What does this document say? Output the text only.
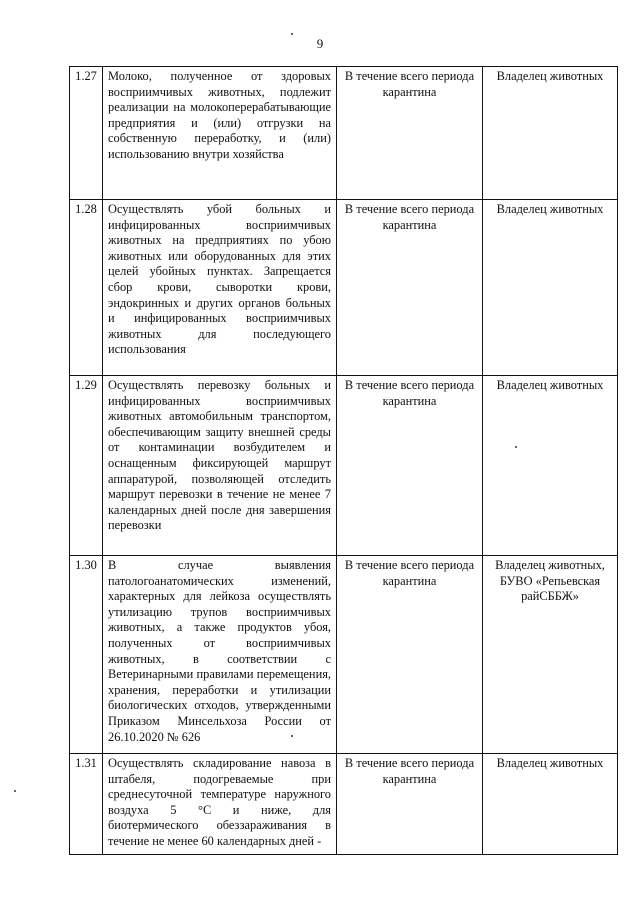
9
1.27	Молоко, полученное от здоровых восприимчивых животных, подлежит реализации на молокоперерабатывающие предприятия и (или) отгрузки на собственную переработку, и (или) использованию внутри хозяйства	В течение всего периода карантина	Владелец животных
1.28	Осуществлять убой больных и инфицированных восприимчивых животных на предприятиях по убою животных или оборудованных для этих целей убойных пунктах. Запрещается сбор крови, сыворотки крови, эндокринных и других органов больных и инфицированных восприимчивых животных для последующего использования	В течение всего периода карантина	Владелец животных
1.29	Осуществлять перевозку больных и инфицированных восприимчивых животных автомобильным транспортом, обеспечивающим защиту внешней среды от контаминации возбудителем и оснащенным фиксирующей маршрут аппаратурой, позволяющей отследить маршрут перевозки в течение не менее 7 календарных дней после дня завершения перевозки	В течение всего периода карантина	Владелец животных
1.30	В случае выявления патологоанатомических изменений, характерных для лейкоза осуществлять утилизацию трупов восприимчивых животных, а также продуктов убоя, полученных от восприимчивых животных, в соответствии с Ветеринарными правилами перемещения, хранения, переработки и утилизации биологических отходов, утвержденными Приказом Минсельхоза России от 26.10.2020 № 626	В течение всего периода карантина	Владелец животных, БУВО «Репьевская райСББЖ»
1.31	Осуществлять складирование навоза в штабеля, подогреваемые при среднесуточной температуре наружного воздуха 5 °С и ниже, для биотермического обеззараживания в течение не менее 60 календарных дней -	В течение всего периода карантина	Владелец животных
